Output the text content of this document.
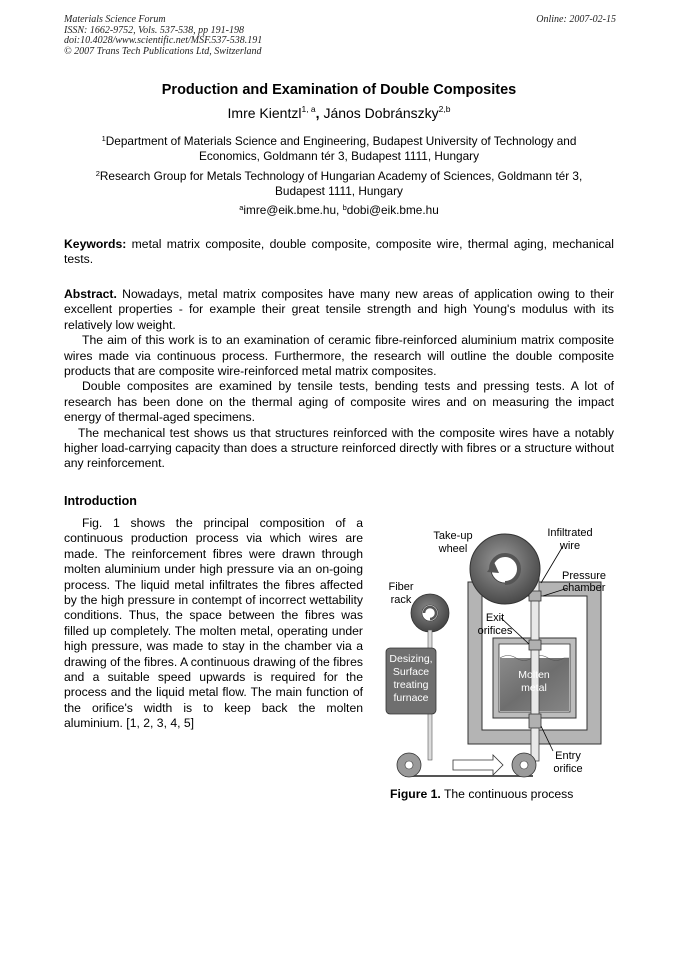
Materials Science Forum
ISSN: 1662-9752, Vols. 537-538, pp 191-198
doi:10.4028/www.scientific.net/MSF.537-538.191
© 2007 Trans Tech Publications Ltd, Switzerland
Online: 2007-02-15
Production and Examination of Double Composites
Imre Kientzl$^{1, a}$, János Dobránszky$^{2,b}$
$^1$Department of Materials Science and Engineering, Budapest University of Technology and Economics, Goldmann tér 3, Budapest 1111, Hungary
$^2$Research Group for Metals Technology of Hungarian Academy of Sciences, Goldmann tér 3, Budapest 1111, Hungary
$^a$imre@eik.bme.hu, $^b$dobi@eik.bme.hu
Keywords: metal matrix composite, double composite, composite wire, thermal aging, mechanical tests.
Abstract. Nowadays, metal matrix composites have many new areas of application owing to their excellent properties - for example their great tensile strength and high Young's modulus with its relatively low weight.
The aim of this work is to an examination of ceramic fibre-reinforced aluminium matrix composite wires made via continuous process. Furthermore, the research will outline the double composite products that are composite wire-reinforced metal matrix composites.
Double composites are examined by tensile tests, bending tests and pressing tests. A lot of research has been done on the thermal aging of composite wires and on measuring the impact energy of thermal-aged specimens.
The mechanical test shows us that structures reinforced with the composite wires have a notably higher load-carrying capacity than does a structure reinforced directly with fibres or a structure without any reinforcement.
Introduction
Fig. 1 shows the principal composition of a continuous production process via which wires are made. The reinforcement fibres were drawn through molten aluminium under high pressure via an on-going process. The liquid metal infiltrates the fibres affected by the high pressure in contempt of incorrect wettability conditions. Thus, the space between the fibres was filled up completely. The molten metal, operating under high pressure, was made to stay in the chamber via a drawing of the fibres. A continuous drawing of the fibres and a suitable speed upwards is required for the process and the liquid metal flow. The main function of the orifice's width is to keep back the molten aluminium. [1, 2, 3, 4, 5]
Take-up
wheel
Infiltrated
wire
Pressure
chamber
Fiber
rack
Exit
orifices
Entry
orifice
Desizing,
Surface
treating
furnace
Molten
metal
Figure 1. The continuous process
